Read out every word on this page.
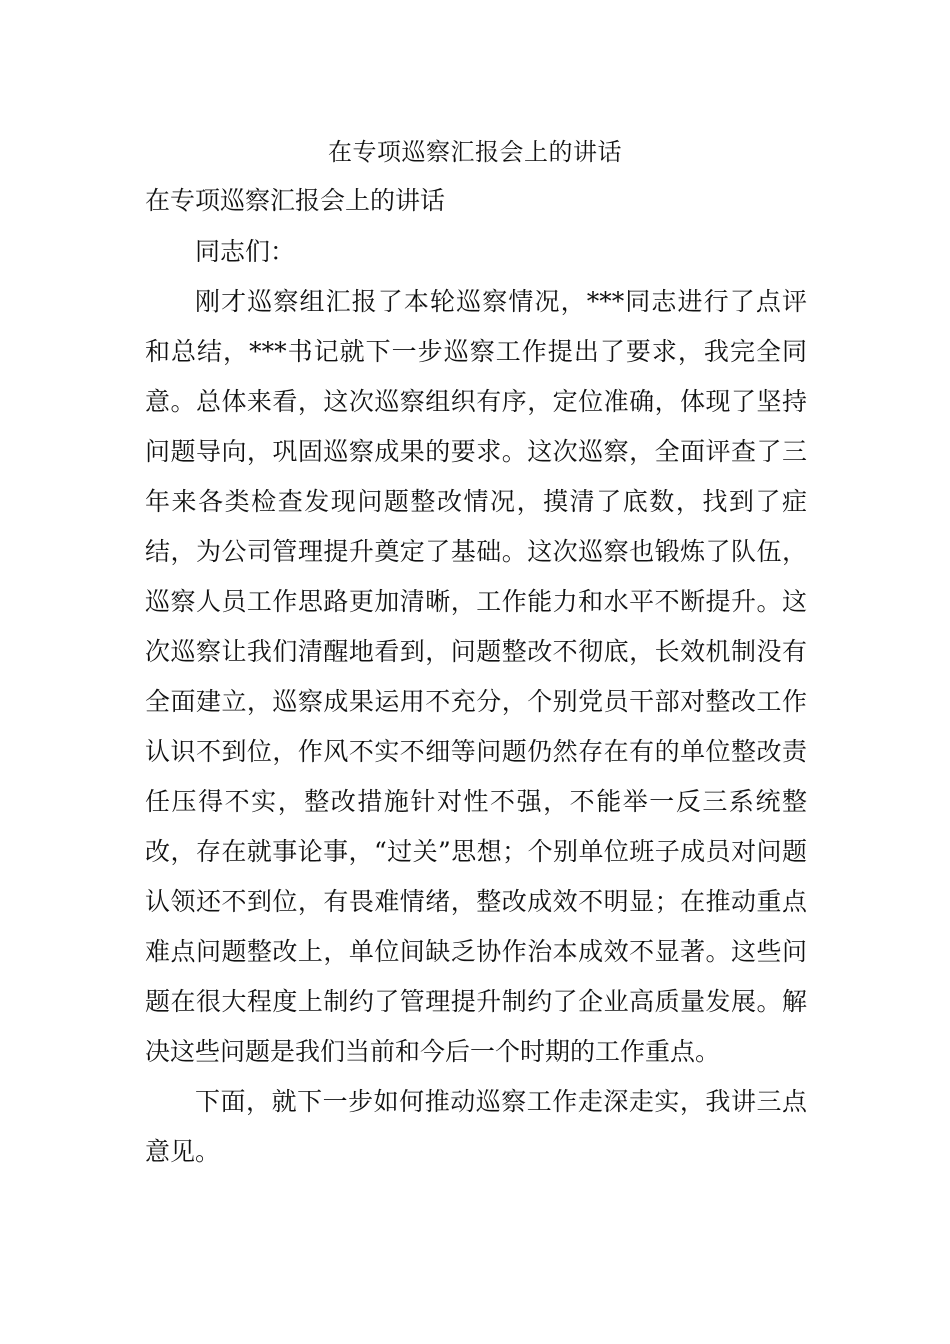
在专项巡察汇报会上的讲话
在专项巡察汇报会上的讲话

同志们：

刚才巡察组汇报了本轮巡察情况，***同志进行了点评和总结，***书记就下一步巡察工作提出了要求，我完全同意。总体来看，这次巡察组织有序，定位准确，体现了坚持问题导向，巩固巡察成果的要求。这次巡察，全面评查了三年来各类检查发现问题整改情况，摸清了底数，找到了症结，为公司管理提升奠定了基础。这次巡察也锻炼了队伍，巡察人员工作思路更加清晰，工作能力和水平不断提升。这次巡察让我们清醒地看到，问题整改不彻底，长效机制没有全面建立，巡察成果运用不充分，个别党员干部对整改工作认识不到位，作风不实不细等问题仍然存在有的单位整改责任压得不实，整改措施针对性不强，不能举一反三系统整改，存在就事论事，“过关”思想；个别单位班子成员对问题认领还不到位，有畏难情绪，整改成效不明显；在推动重点难点问题整改上，单位间缺乏协作治本成效不显著。这些问题在很大程度上制约了管理提升制约了企业高质量发展。解决这些问题是我们当前和今后一个时期的工作重点。

下面，就下一步如何推动巡察工作走深走实，我讲三点意见。
